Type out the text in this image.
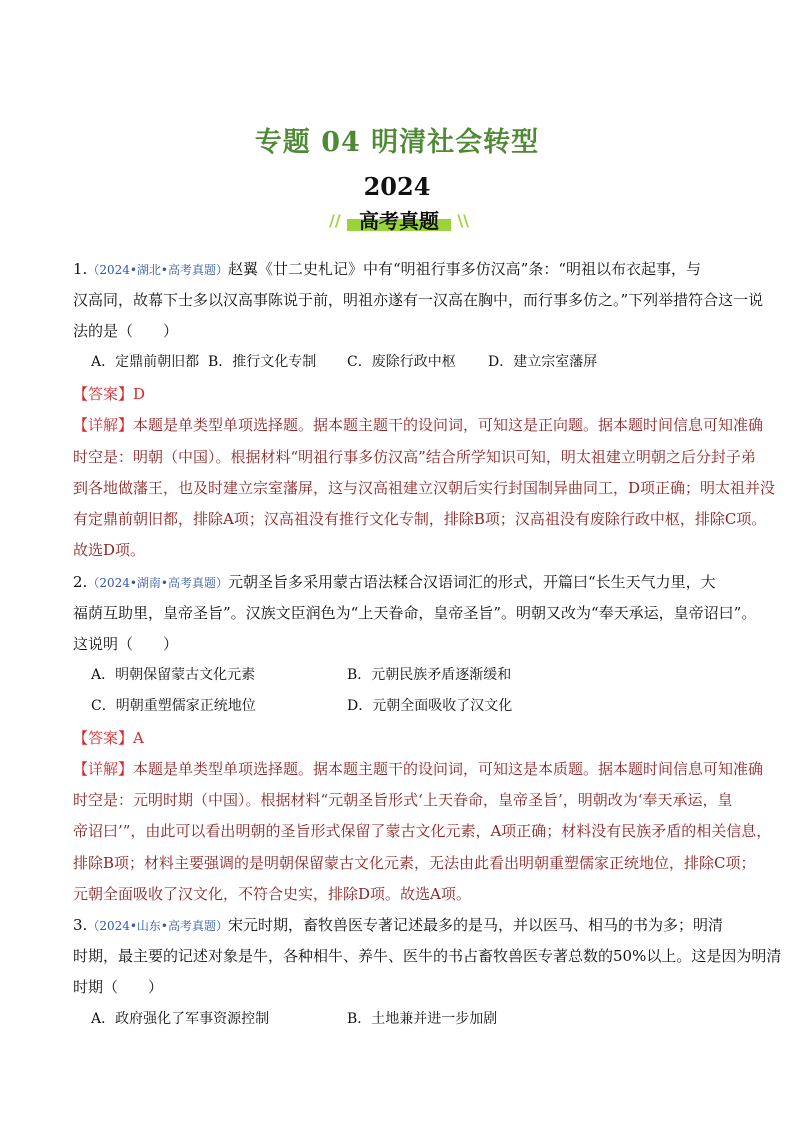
专题 04 明清社会转型
2024
// 高考真题	\\
1.（2024•湖北•高考真题）赵翼《廿二史札记》中有“明祖行事多仿汉高”条：“明祖以布衣起事，与
汉高同，故幕下士多以汉高事陈说于前，明祖亦遂有一汉高在胸中，而行事多仿之。”下列举措符合这一说
法的是（　　）
A．定鼎前朝旧都 B．推行文化专制 C．废除行政中枢 D．建立宗室藩屏
【答案】D
【详解】本题是单类型单项选择题。据本题主题干的设问词，可知这是正向题。据本题时间信息可知准确
时空是：明朝（中国）。根据材料“明祖行事多仿汉高”结合所学知识可知，明太祖建立明朝之后分封子弟
到各地做藩王，也及时建立宗室藩屏，这与汉高祖建立汉朝后实行封国制异曲同工，D项正确；明太祖并没
有定鼎前朝旧都，排除A项；汉高祖没有推行文化专制，排除B项；汉高祖没有废除行政中枢，排除C项。
故选D项。
2.（2024•湖南•高考真题）元朝圣旨多采用蒙古语法糅合汉语词汇的形式，开篇曰“长生天气力里，大
福荫互助里，皇帝圣旨”。汉族文臣润色为“上天眷命，皇帝圣旨”。明朝又改为“奉天承运，皇帝诏曰”。
这说明（　　）
A．明朝保留蒙古文化元素	B．元朝民族矛盾逐渐缓和
C．明朝重塑儒家正统地位	D．元朝全面吸收了汉文化
【答案】A
【详解】本题是单类型单项选择题。据本题主题干的设问词，可知这是本质题。据本题时间信息可知准确
时空是：元明时期（中国）。根据材料“元朝圣旨形式‘上天眷命，皇帝圣旨’，明朝改为‘奉天承运，皇
帝诏曰’”，由此可以看出明朝的圣旨形式保留了蒙古文化元素，A项正确；材料没有民族矛盾的相关信息，
排除B项；材料主要强调的是明朝保留蒙古文化元素，无法由此看出明朝重塑儒家正统地位，排除C项；
元朝全面吸收了汉文化，不符合史实，排除D项。故选A项。
3.（2024•山东•高考真题）宋元时期，畜牧兽医专著记述最多的是马，并以医马、相马的书为多；明清
时期，最主要的记述对象是牛，各种相牛、养牛、医牛的书占畜牧兽医专著总数的50%以上。这是因为明清
时期（　　）
A．政府强化了军事资源控制	B．土地兼并进一步加剧
